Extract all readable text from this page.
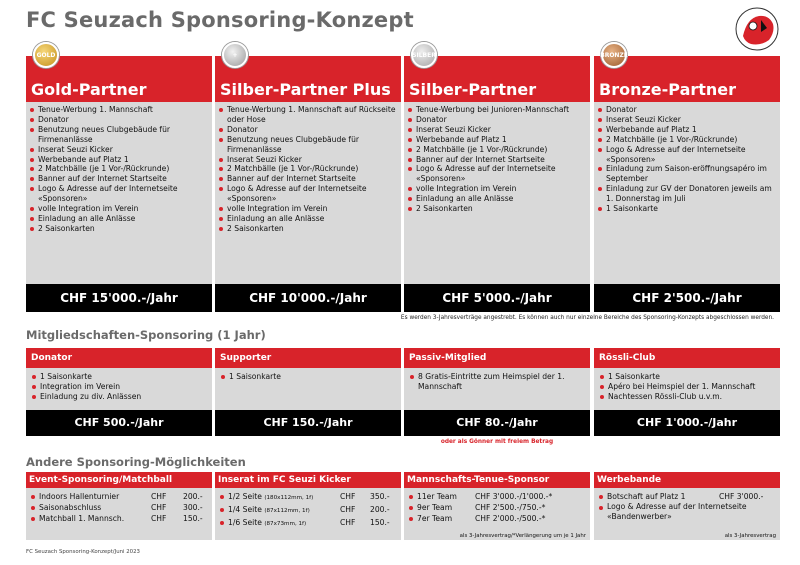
FC Seuzach Sponsoring-Konzept
Gold-Partner
GOLD
Tenue-Werbung 1. Mannschaft
Donator
Benutzung neues Clubgebäude für Firmenanlässe
Inserat Seuzi Kicker
Werbebande auf Platz 1
2 Matchbälle (je 1 Vor-/Rückrunde)
Banner auf der Internet Startseite
Logo & Adresse auf der Internetseite «Sponsoren»
volle Integration im Verein
Einladung an alle Anlässe
2 Saisonkarten
CHF 15'000.-/Jahr
Silber-Partner Plus
+
Tenue-Werbung 1. Mannschaft auf Rückseite oder Hose
Donator
Benutzung neues Clubgebäude für Firmenanlässe
Inserat Seuzi Kicker
2 Matchbälle (je 1 Vor-/Rückrunde)
Banner auf der Internet Startseite
Logo & Adresse auf der Internetseite «Sponsoren»
volle Integration im Verein
Einladung an alle Anlässe
2 Saisonkarten
CHF 10'000.-/Jahr
Silber-Partner
SILBER
Tenue-Werbung bei Junioren-Mannschaft
Donator
Inserat Seuzi Kicker
Werbebande auf Platz 1
2 Matchbälle (je 1 Vor-/Rückrunde)
Banner auf der Internet Startseite
Logo & Adresse auf der Internetseite «Sponsoren»
volle Integration im Verein
Einladung an alle Anlässe
2 Saisonkarten
CHF 5'000.-/Jahr
Bronze-Partner
BRONZE
Donator
Inserat Seuzi Kicker
Werbebande auf Platz 1
2 Matchbälle (je 1 Vor-/Rückrunde)
Logo & Adresse auf der Internetseite «Sponsoren»
Einladung zum Saison-eröffnungsapéro im September
Einladung zur GV der Donatoren jeweils am 1. Donnerstag im Juli
1 Saisonkarte
CHF 2'500.-/Jahr
Es werden 3-Jahresverträge angestrebt. Es können auch nur einzelne Bereiche des Sponsoring-Konzepts abgeschlossen werden.
Mitgliedschaften-Sponsoring (1 Jahr)
Donator
1 Saisonkarte
Integration im Verein
Einladung zu div. Anlässen
CHF 500.-/Jahr
Supporter
1 Saisonkarte
CHF 150.-/Jahr
Passiv-Mitglied
8 Gratis-Eintritte zum Heimspiel der 1. Mannschaft
CHF 80.-/Jahr
Rössli-Club
1 Saisonkarte
Apéro bei Heimspiel der 1. Mannschaft
Nachtessen Rössli-Club u.v.m.
CHF 1'000.-/Jahr
oder als Gönner mit freiem Betrag
Andere Sponsoring-Möglichkeiten
Event-Sponsoring/Matchball
Indoors Hallenturnier	CHF 200.-
Saisonabschluss	CHF 300.-
Matchball 1. Mannsch.	CHF 150.-
Inserat im FC Seuzi Kicker
1/2 Seite (180x112mm, 1f)	CHF 350.-
1/4 Seite (87x112mm, 1f)	CHF 200.-
1/6 Seite (87x73mm, 1f)	CHF 150.-
Mannschafts-Tenue-Sponsor
11er Team CHF 3'000.-/1'000.-*
9er Team	CHF 2'500.-/750.-*
7er Team	CHF 2'000.-/500.-*
als 3-Jahresvertrag/*Verlängerung um je 1 Jahr
Werbebande
Botschaft auf Platz 1	CHF 3'000.-
Logo & Adresse auf der Internetseite «Bandenwerber»
als 3-Jahresvertrag
FC Seuzach Sponsoring-Konzept/Juni 2023
